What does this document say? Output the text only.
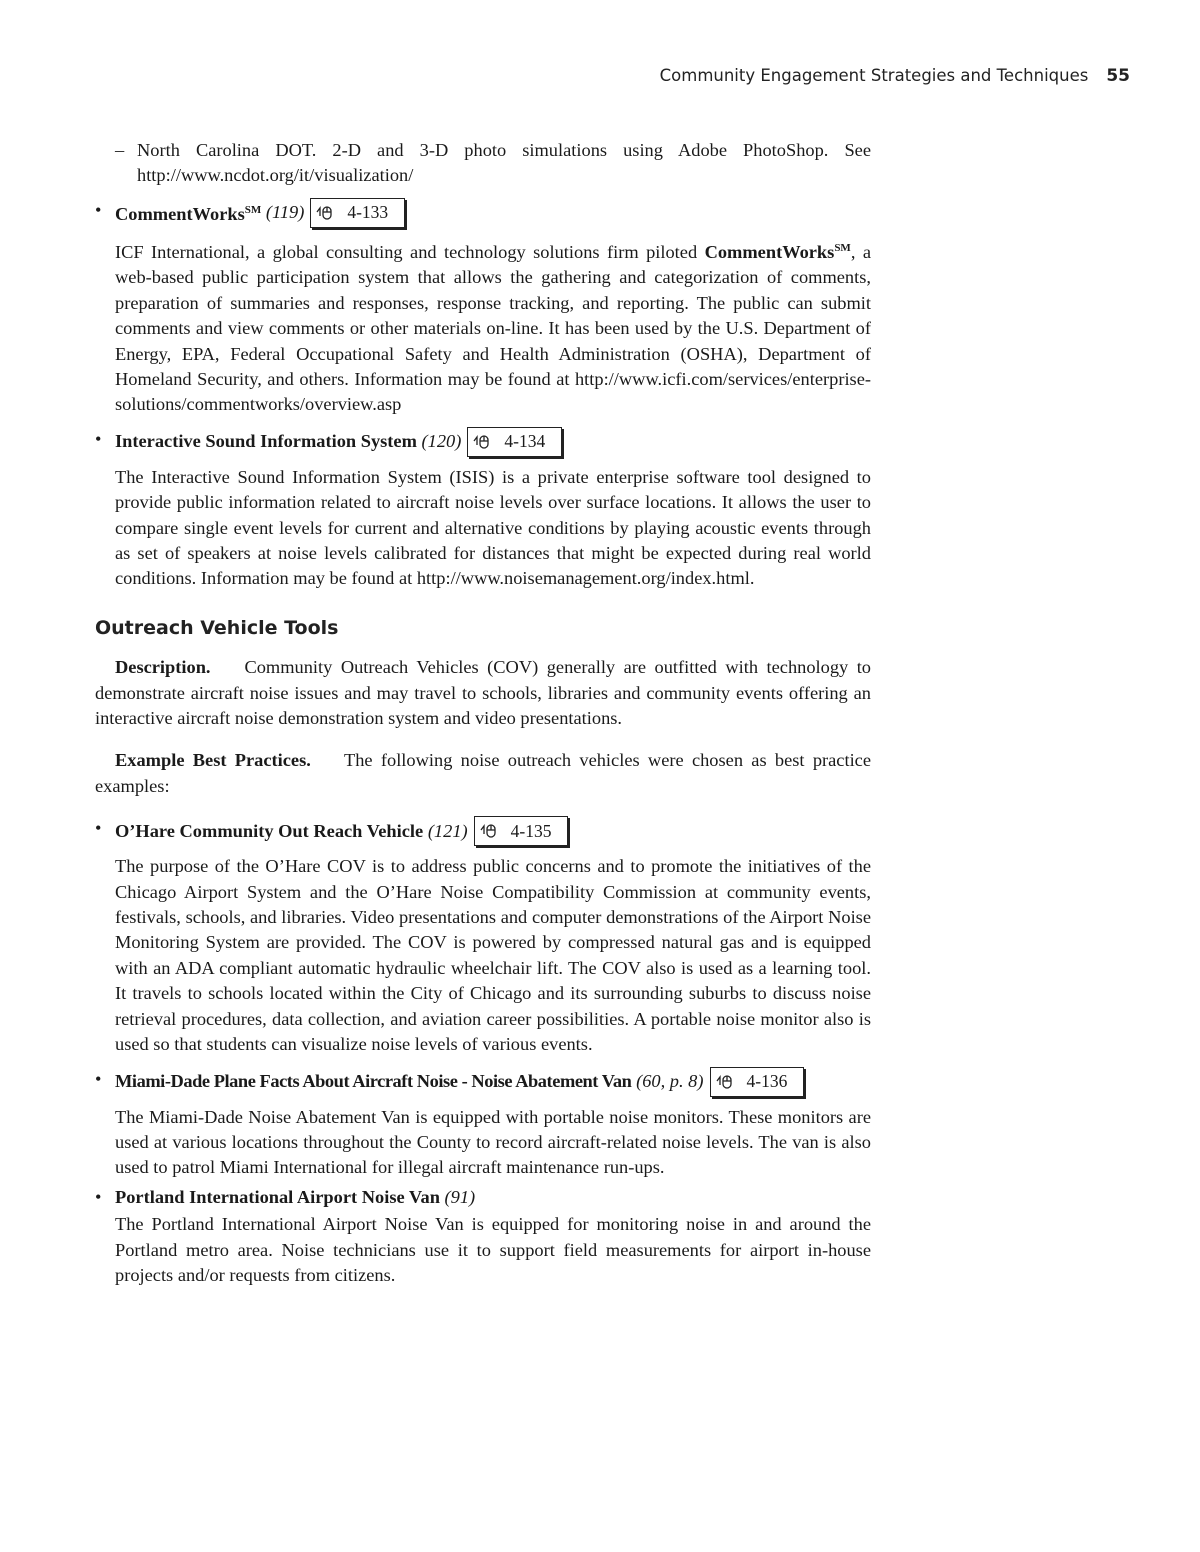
Community Engagement Strategies and Techniques 55
– North Carolina DOT. 2-D and 3-D photo simulations using Adobe PhotoShop. See http://www.ncdot.org/it/visualization/
• CommentWorks℠
(119) 4-133
ICF International, a global consulting and technology solutions firm piloted CommentWorks℠, a web-based public participation system that allows the gathering and categorization of comments, preparation of summaries and responses, response tracking, and reporting. The public can submit comments and view comments or other materials on-line. It has been used by the U.S. Department of Energy, EPA, Federal Occupational Safety and Health Administration (OSHA), Department of Homeland Security, and others. Information may be found at http://www.icfi.com/services/enterprise-solutions/commentworks/overview.asp
• Interactive Sound Information System
(120) 4-134
The Interactive Sound Information System (ISIS) is a private enterprise software tool designed to provide public information related to aircraft noise levels over surface locations. It allows the user to compare single event levels for current and alternative conditions by playing acoustic events through as set of speakers at noise levels calibrated for distances that might be expected during real world conditions. Information may be found at http://www.noisemanagement.org/index.html.
Outreach Vehicle Tools
Description. Community Outreach Vehicles (COV) generally are outfitted with technology to demonstrate aircraft noise issues and may travel to schools, libraries and community events offering an interactive aircraft noise demonstration system and video presentations.
Example Best Practices. The following noise outreach vehicles were chosen as best practice examples:
• O’Hare Community Out Reach Vehicle
(121) 4-135
The purpose of the O’Hare COV is to address public concerns and to promote the initiatives of the Chicago Airport System and the O’Hare Noise Compatibility Commission at community events, festivals, schools, and libraries. Video presentations and computer demonstrations of the Airport Noise Monitoring System are provided. The COV is powered by compressed natural gas and is equipped with an ADA compliant automatic hydraulic wheelchair lift. The COV also is used as a learning tool. It travels to schools located within the City of Chicago and its surrounding suburbs to discuss noise retrieval procedures, data collection, and aviation career possibilities. A portable noise monitor also is used so that students can visualize noise levels of various events.
• Miami-Dade Plane Facts About Aircraft Noise - Noise Abatement Van
(60, p. 8) 4-136
The Miami-Dade Noise Abatement Van is equipped with portable noise monitors. These monitors are used at various locations throughout the County to record aircraft-related noise levels. The van is also used to patrol Miami International for illegal aircraft maintenance run-ups.
• Portland International Airport Noise Van
(91)
The Portland International Airport Noise Van is equipped for monitoring noise in and around the Portland metro area. Noise technicians use it to support field measurements for airport in-house projects and/or requests from citizens.
